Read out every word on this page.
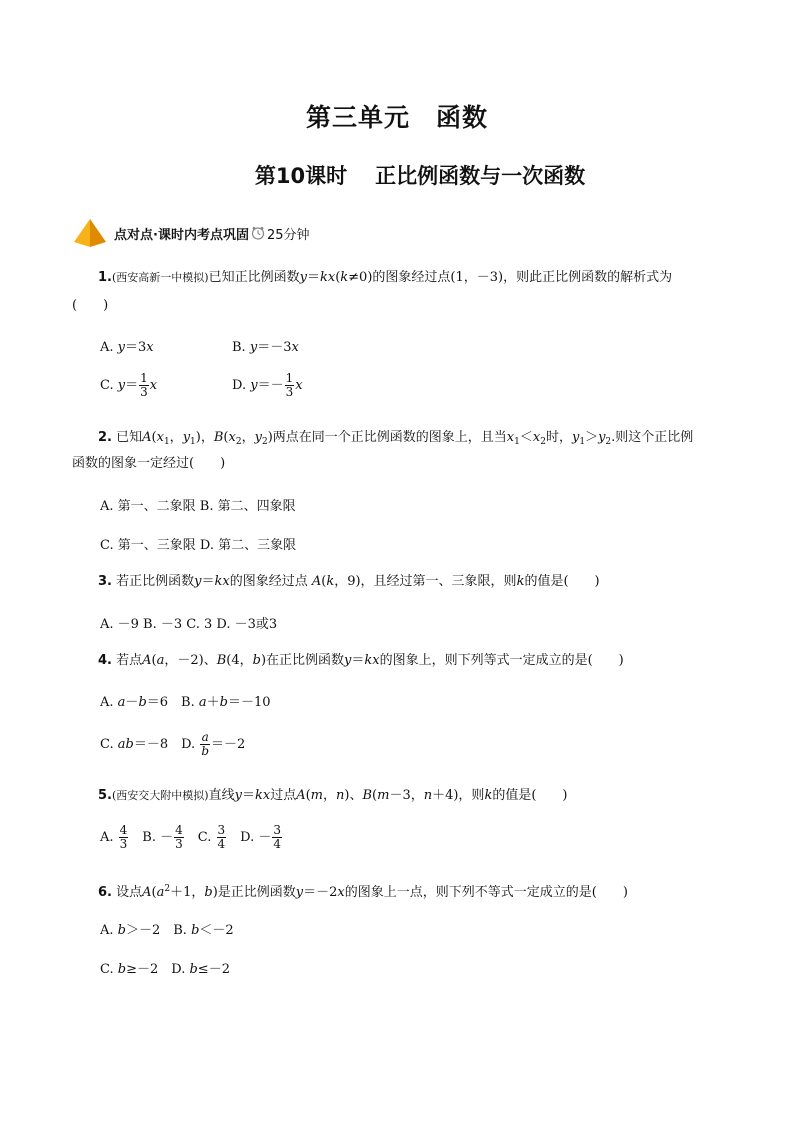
第三单元　函数
第10课时 正比例函数与一次函数
点对点·课时内考点巩固 25分钟
1.(西安高新一中模拟)已知正比例函数y＝kx(k≠0)的图象经过点(1，－3)，则此正比例函数的解析式为
(　　)
A. y＝3x	B. y＝－3x
C. $y= \frac{1}{3}$ x	D. $y=- \frac{1}{3}$ x
2. 已知$A(x_1$，$y_1$)，$B(x_2$，$y_2$)两点在同一个正比例函数的图象上，且当$x_1<x_2$时，$y_1>y_2$.则这个正比例
函数的图象一定经过(　　)
A. 第一、二象限 B. 第二、四象限
C. 第一、三象限 D. 第二、三象限
3. 若正比例函数y＝kx的图象经过点 A(k，9)，且经过第一、三象限，则k的值是(　　)
A. －9 B. －3 C. 3 D. －3或3
4. 若点A(a，－2)、B(4，b)在正比例函数y＝kx的图象上，则下列等式一定成立的是(　　)
A. a－b＝6　B. a＋b＝－10
C. ab＝－8　D. $\frac{a}{b} =-2$
5.(西安交大附中模拟)直线y＝kx过点A(m，n)、B(m－3，n＋4)，则k的值是(　　)
A. $\frac{4}{3}$ 　B. － $\frac{4}{3}$ 　C. $\frac{3}{4}$ 　D. － $\frac{3}{4}$
6. 设点$A(a^2+1$，b)是正比例函数y＝－2x的图象上一点，则下列不等式一定成立的是(　　)
A. b＞－2　B. b＜－2
C. b≥－2　D. b≤－2
